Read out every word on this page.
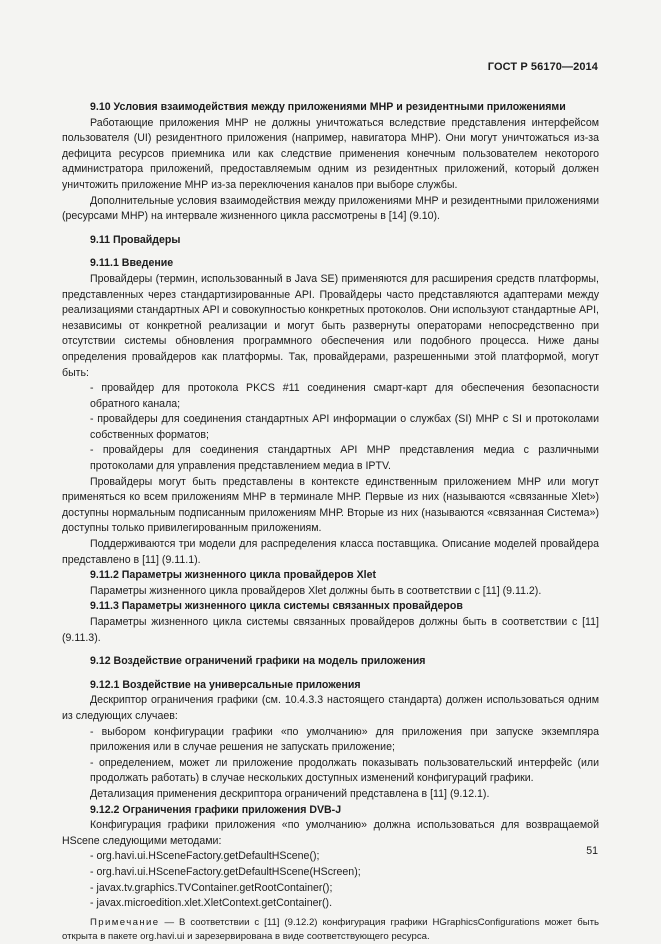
ГОСТ Р 56170—2014

9.10 Условия взаимодействия между приложениями МНР и резидентными приложениями

Работающие приложения МНР не должны уничтожаться вследствие представления интерфейсом пользователя (UI) резидентного приложения (например, навигатора МНР). Они могут уничтожаться из-за дефицита ресурсов приемника или как следствие применения конечным пользователем некоторого администратора приложений, предоставляемым одним из резидентных приложений, который должен уничтожить приложение МНР из-за переключения каналов при выборе службы.

Дополнительные условия взаимодействия между приложениями МНР и резидентными приложениями (ресурсами МНР) на интервале жизненного цикла рассмотрены в [14] (9.10).

9.11 Провайдеры

9.11.1 Введение

Провайдеры (термин, использованный в Java SE) применяются для расширения средств платформы, представленных через стандартизированные API. Провайдеры часто представляются адаптерами между реализациями стандартных API и совокупностью конкретных протоколов. Они используют стандартные API, независимы от конкретной реализации и могут быть развернуты операторами непосредственно при отсутствии системы обновления программного обеспечения или подобного процесса. Ниже даны определения провайдеров как платформы. Так, провайдерами, разрешенными этой платформой, могут быть:

- провайдер для протокола PKCS #11 соединения смарт-карт для обеспечения безопасности обратного канала;

- провайдеры для соединения стандартных API информации о службах (SI) МНР с SI и протоколами собственных форматов;

- провайдеры для соединения стандартных API МНР представления медиа с различными протоколами для управления представлением медиа в IPTV.

Провайдеры могут быть представлены в контексте единственным приложением МНР или могут применяться ко всем приложениям МНР в терминале МНР. Первые из них (называются «связанные Xlet») доступны нормальным подписанным приложениям МНР. Вторые из них (называются «связанная Система») доступны только привилегированным приложениям.

Поддерживаются три модели для распределения класса поставщика. Описание моделей провайдера представлено в [11] (9.11.1).

9.11.2 Параметры жизненного цикла провайдеров Xlet

Параметры жизненного цикла провайдеров Xlet должны быть в соответствии с [11] (9.11.2).

9.11.3 Параметры жизненного цикла системы связанных провайдеров

Параметры жизненного цикла системы связанных провайдеров должны быть в соответствии с [11] (9.11.3).

9.12 Воздействие ограничений графики на модель приложения

9.12.1 Воздействие на универсальные приложения

Дескриптор ограничения графики (см. 10.4.3.3 настоящего стандарта) должен использоваться одним из следующих случаев:

- выбором конфигурации графики «по умолчанию» для приложения при запуске экземпляра приложения или в случае решения не запускать приложение;

- определением, может ли приложение продолжать показывать пользовательский интерфейс (или продолжать работать) в случае нескольких доступных изменений конфигураций графики.

Детализация применения дескриптора ограничений представлена в [11] (9.12.1).

9.12.2 Ограничения графики приложения DVB-J

Конфигурация графики приложения «по умолчанию» должна использоваться для возвращаемой HScene следующими методами:

- org.havi.ui.HSceneFactory.getDefaultHScene();

- org.havi.ui.HSceneFactory.getDefaultHScene(HScreen);

- javax.tv.graphics.TVContainer.getRootContainer();

- javax.microedition.xlet.XletContext.getContainer().

Примечание — В соответствии с [11] (9.12.2) конфигурация графики HGraphicsConfigurations может быть открыта в пакете org.havi.ui и зарезервирована в виде соответствующего ресурса.

51
